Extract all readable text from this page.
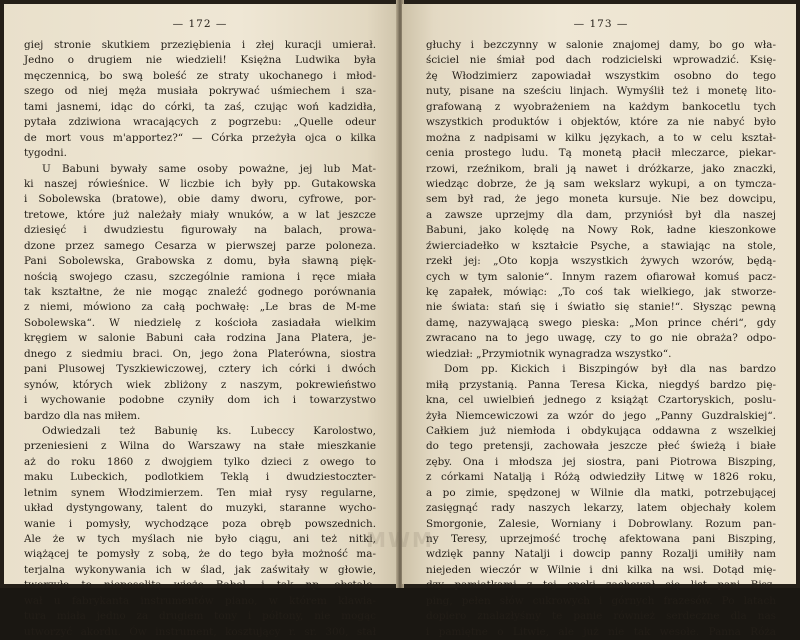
— 172 —
giej stronie skutkiem przeziębienia i złej kuracji umierał.
Jedno o drugiem nie wiedzieli! Księżna Ludwika była
męczennicą, bo swą boleść ze straty ukochanego i młod-
szego od niej męża musiała pokrywać uśmiechem i sza-
tami jasnemi, idąc do córki, ta zaś, czując woń kadzidła,
pytała zdziwiona wracających z pogrzebu: „Quelle odeur
de mort vous m'apportez?“ — Córka przeżyła ojca o kilka
tygodni.
U Babuni bywały same osoby poważne, jej lub Mat-
ki naszej rówieśnice. W liczbie ich były pp. Gutakowska
i Sobolewska (bratowe), obie damy dworu, cyfrowe, por-
tretowe, które już należały miały wnuków, a w lat jeszcze
dziesięć i dwudziestu figurowały na balach, prowa-
dzone przez samego Cesarza w pierwszej parze poloneza.
Pani Sobolewska, Grabowska z domu, była sławną pięk-
nością swojego czasu, szczególnie ramiona i ręce miała
tak kształtne, że nie mogąc znaleźć godnego porównania
z niemi, mówiono za całą pochwałę: „Le bras de M-me
Sobolewska“. W niedzielę z kościoła zasiadała wielkim
kręgiem w salonie Babuni cała rodzina Jana Platera, je-
dnego z siedmiu braci. On, jego żona Platerówna, siostra
pani Plusowej Tyszkiewiczowej, cztery ich córki i dwóch
synów, których wiek zbliżony z naszym, pokrewieństwo
i wychowanie podobne czyniły dom ich i towarzystwo
bardzo dla nas miłem.
Odwiedzali też Babunię ks. Lubeccy Karolostwo,
przeniesieni z Wilna do Warszawy na stałe mieszkanie
aż do roku 1860 z dwojgiem tylko dzieci z owego to
maku Lubeckich, podlotkiem Teklą i dwudziestoczter-
letnim synem Włodzimierzem. Ten miał rysy regularne,
układ dystyngowany, talent do muzyki, staranne wycho-
wanie i pomysły, wychodzące poza obręb powszednich.
Ale że w tych myślach nie było ciągu, ani też nitki,
wiążącej te pomysły z sobą, że do tego była możność ma-
terjalna wykonywania ich w ślad, jak zaświtały w głowie,
tworzyło to nieposolitą wieżę Babel, i tak np. obstalo-
wał u fabrykanta instrumentów piano, w którem klawia-
tura miała jedno za drugiem tony i półtony, nie mogąc
utworzyć akordu. Ów instrument, kosztujący r. sr. 300, stał
— 173 —
głuchy i bezczynny w salonie znajomej damy, bo go wła-
ściciel nie śmiał pod dach rodzicielski wprowadzić. Księ-
żę Włodzimierz zapowiadał wszystkim osobno do tego
nuty, pisane na sześciu linjach. Wymyślił też i monetę lito-
grafowaną z wyobrażeniem na każdym bankocetlu tych
wszystkich produktów i objektów, które za nie nabyć było
można z nadpisami w kilku językach, a to w celu kształ-
cenia prostego ludu. Tą monetą płacił mleczarce, piekar-
rzowi, rzeźnikom, brali ją nawet i dróżkarze, jako znaczki,
wiedząc dobrze, że ją sam wekslarz wykupi, a on tymcza-
sem był rad, że jego moneta kursuje. Nie bez dowcipu,
a zawsze uprzejmy dla dam, przyniósł był dla naszej
Babuni, jako kolędę na Nowy Rok, ładne kieszonkowe
źwierciadełko w kształcie Psyche, a stawiając na stole,
rzekł jej: „Oto kopja wszystkich żywych wzorów, będą-
cych w tym salonie“. Innym razem ofiarował komuś pacz-
kę zapałek, mówiąc: „To coś tak wielkiego, jak stworze-
nie świata: stań się i światło się stanie!“. Słysząc pewną
damę, nazywającą swego pieska: „Mon prince chéri“, gdy
zwracano na to jego uwagę, czy to go nie obraża? odpo-
wiedział: „Przymiotnik wynagradza wszystko“.
Dom pp. Kickich i Biszpingów był dla nas bardzo
miłą przystanią. Panna Teresa Kicka, niegdyś bardzo pię-
kna, cel uwielbień jednego z książąt Czartoryskich, poslu-
żyła Niemcewiczowi za wzór do jego „Panny Guzdralskiej“.
Całkiem już niemłoda i obdykująca oddawna z wszelkiej
do tego pretensji, zachowała jeszcze płeć świeżą i białe
zęby. Ona i młodsza jej siostra, pani Piotrowa Biszping,
z córkami Natalją i Różą odwiedziły Litwę w 1826 roku,
a po zimie, spędzonej w Wilnie dla matki, potrzebującej
zasięgnąć rady naszych lekarzy, latem objechały kolem
Smorgonie, Zalesie, Worniany i Dobrowlany. Rozum pan-
ny Teresy, uprzejmość trochę afektowana pani Biszping,
wdzięk panny Natalji i dowcip panny Rozalji umiłiły nam
niejeden wieczór w Wilnie i dni kilka na wsi. Dotąd mię-
dzy pamiątkami z tej epoki zachował się list pani Bisz-
ping, pełen słów cukrowych i górnych frazesów. Po latach
dopiero znalazłyśmy te panie również serdeczne dla nas
i pamiętne o Litwie, ale już nie tak wesołe. Panna Róża
MWM
